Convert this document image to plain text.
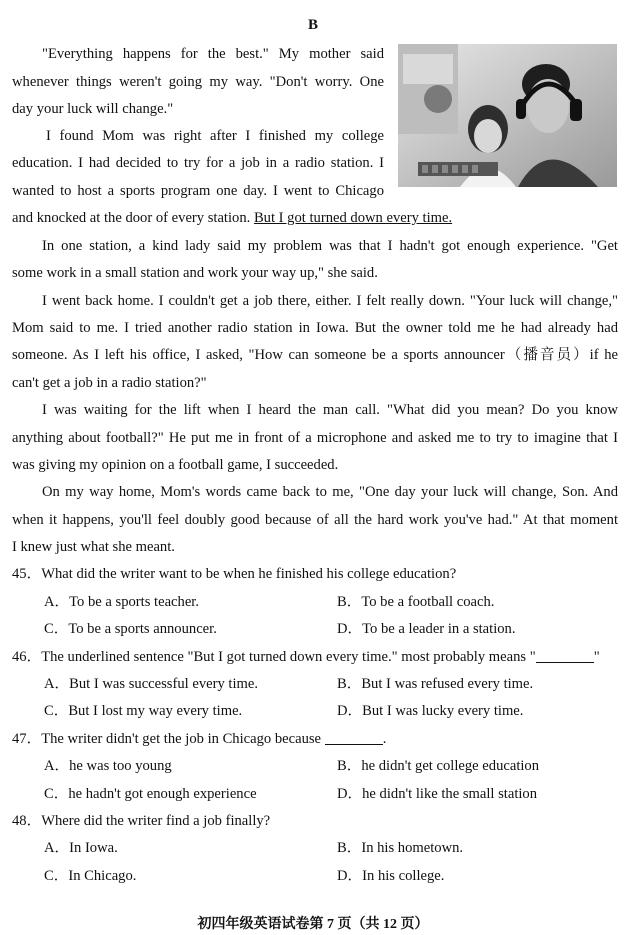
B
"Everything happens for the best." My mother said
whenever things weren't going my way. "Don't worry. One
day your luck will change."
I found Mom was right after I finished my college
education. I had decided to try for a job in a radio station. I
wanted to host a sports program one day. I went to Chicago
and knocked at the door of every station. But I got turned down every time.
In one station, a kind lady said my problem was that I hadn't got enough experience. "Get
some work in a small station and work your way up," she said.
I went back home. I couldn't get a job there, either. I felt really down. "Your luck will change,"
Mom said to me. I tried another radio station in Iowa. But the owner told me he had already had
someone. As I left his office, I asked, "How can someone be a sports announcer（播音员）if he
can't get a job in a radio station?"
I was waiting for the lift when I heard the man call. "What did you mean? Do you know
anything about football?" He put me in front of a microphone and asked me to try to imagine that I
was giving my opinion on a football game, I succeeded.
On my way home, Mom's words came back to me, "One day your luck will change, Son. And
when it happens, you'll feel doubly good because of all the hard work you've had." At that moment
I knew just what she meant.
45．What did the writer want to be when he finished his college education?
A．To be a sports teacher.	B．To be a football coach.
C．To be a sports announcer.	D．To be a leader in a station.
46．The underlined sentence "But I got turned down every time." most probably means "	"
A．But I was successful every time.	B．But I was refused every time.
C．But I lost my way every time.	D．But I was lucky every time.
47．The writer didn't get the job in Chicago because	.
A．he was too young	B．he didn't get college education
C．he hadn't got enough experience	D．he didn't like the small station
48．Where did the writer find a job finally?
A．In Iowa.	B．In his hometown.
C．In Chicago.	D．In his college.
初四年级英语试卷第 7 页（共 12 页）
